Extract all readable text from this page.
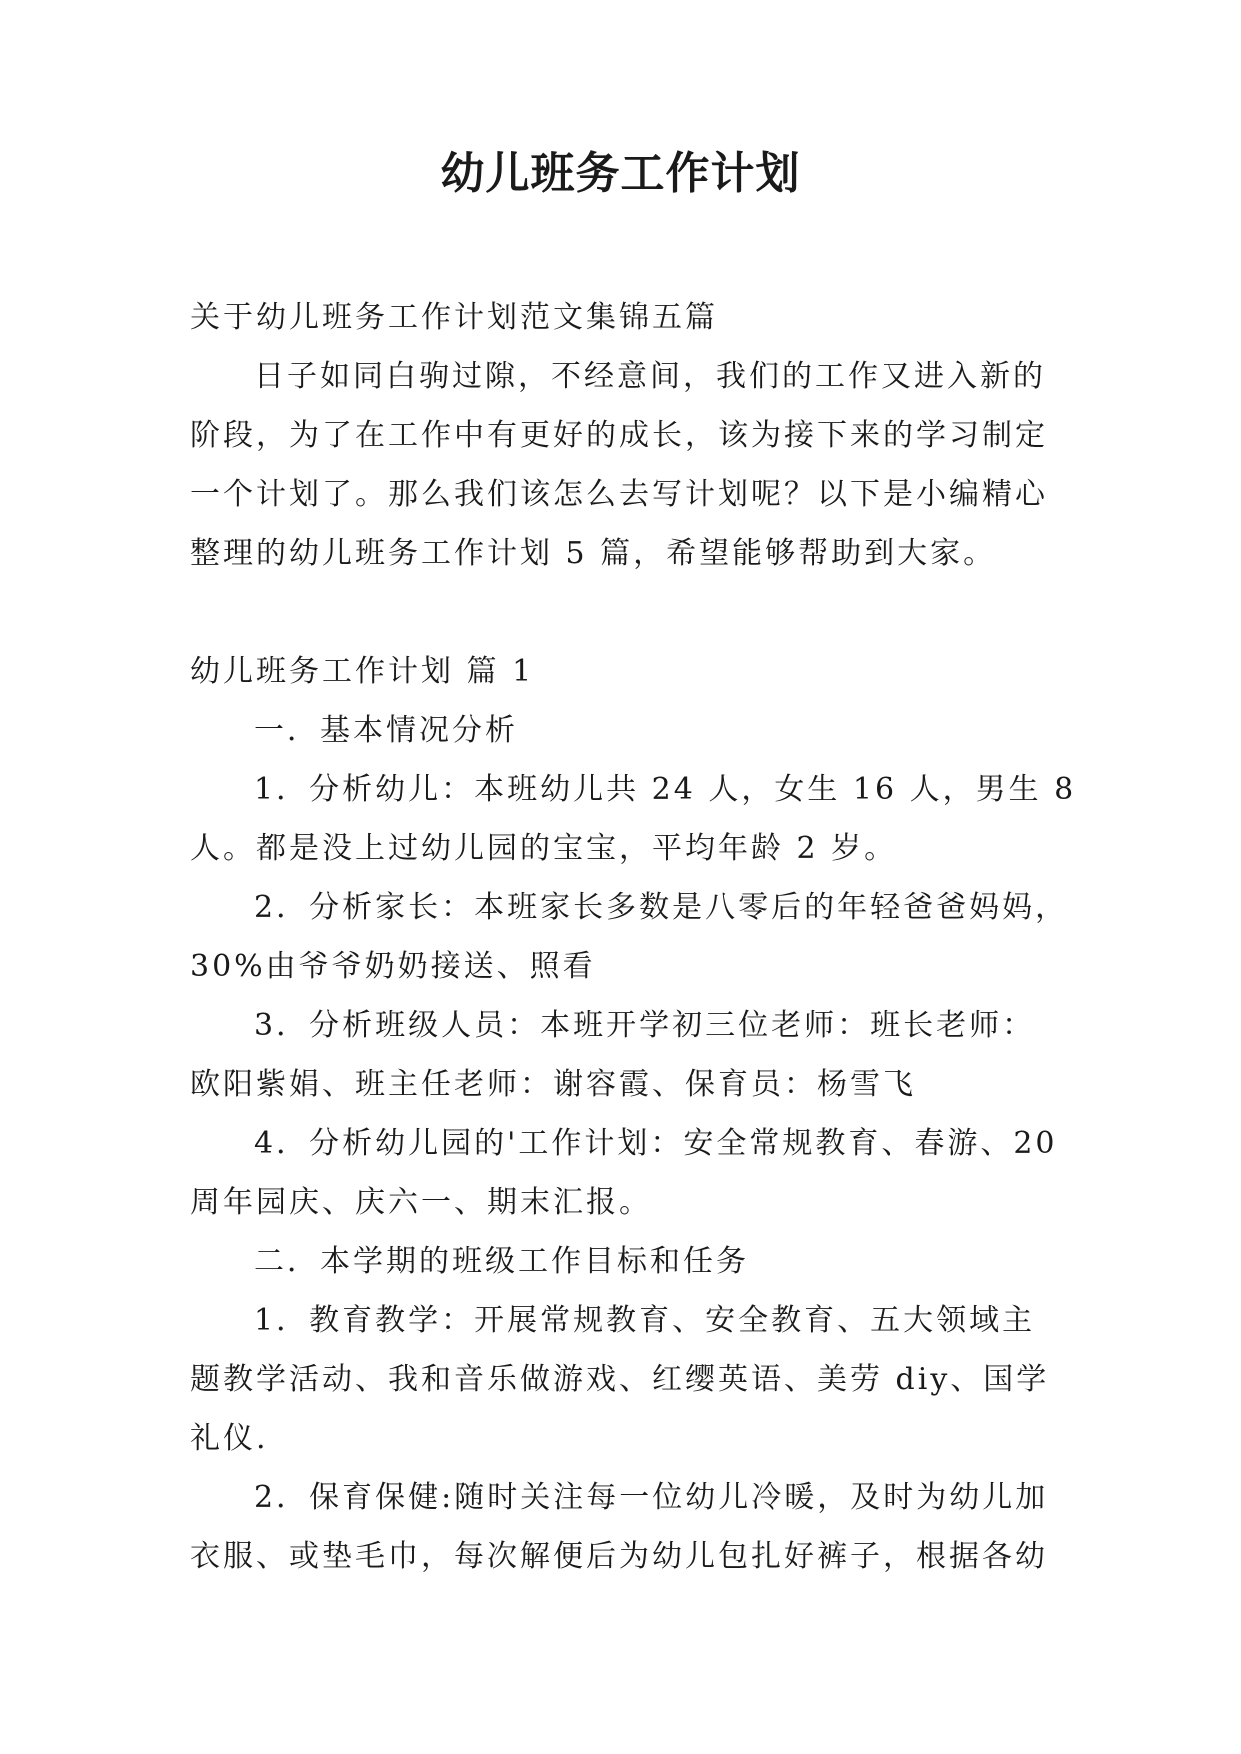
幼儿班务工作计划

关于幼儿班务工作计划范文集锦五篇

日子如同白驹过隙，不经意间，我们的工作又进入新的

阶段，为了在工作中有更好的成长，该为接下来的学习制定

一个计划了。那么我们该怎么去写计划呢？以下是小编精心

整理的幼儿班务工作计划 5 篇，希望能够帮助到大家。

幼儿班务工作计划 篇 1

一．基本情况分析

1．分析幼儿：本班幼儿共 24 人，女生 16 人，男生 8

人。都是没上过幼儿园的宝宝，平均年龄 2 岁。

2．分析家长：本班家长多数是八零后的年轻爸爸妈妈，

30%由爷爷奶奶接送、照看

3．分析班级人员：本班开学初三位老师：班长老师：

欧阳紫娟、班主任老师：谢容霞、保育员：杨雪飞

4．分析幼儿园的'工作计划：安全常规教育、春游、20

周年园庆、庆六一、期末汇报。

二．本学期的班级工作目标和任务

1．教育教学：开展常规教育、安全教育、五大领域主

题教学活动、我和音乐做游戏、红缨英语、美劳 diy、国学

礼仪.

2．保育保健:随时关注每一位幼儿冷暖，及时为幼儿加

衣服、或垫毛巾，每次解便后为幼儿包扎好裤子，根据各幼
